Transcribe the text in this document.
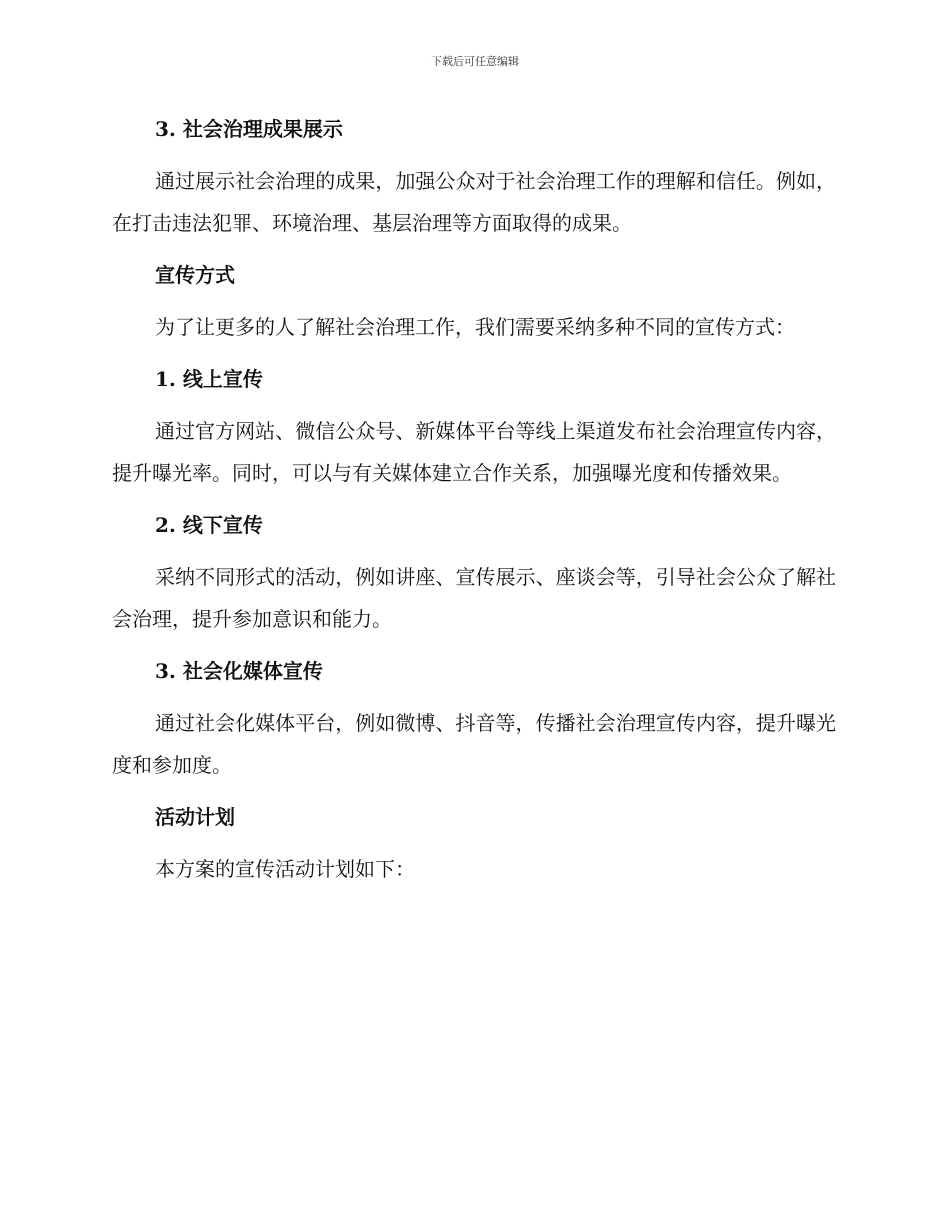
下载后可任意编辑
3. 社会治理成果展示

通过展示社会治理的成果，加强公众对于社会治理工作的理解和信任。例如，在打击违法犯罪、环境治理、基层治理等方面取得的成果。

宣传方式

为了让更多的人了解社会治理工作，我们需要采纳多种不同的宣传方式：

1. 线上宣传

通过官方网站、微信公众号、新媒体平台等线上渠道发布社会治理宣传内容，提升曝光率。同时，可以与有关媒体建立合作关系，加强曝光度和传播效果。

2. 线下宣传

采纳不同形式的活动，例如讲座、宣传展示、座谈会等，引导社会公众了解社会治理，提升参加意识和能力。

3. 社会化媒体宣传

通过社会化媒体平台，例如微博、抖音等，传播社会治理宣传内容，提升曝光度和参加度。

活动计划

本方案的宣传活动计划如下：
